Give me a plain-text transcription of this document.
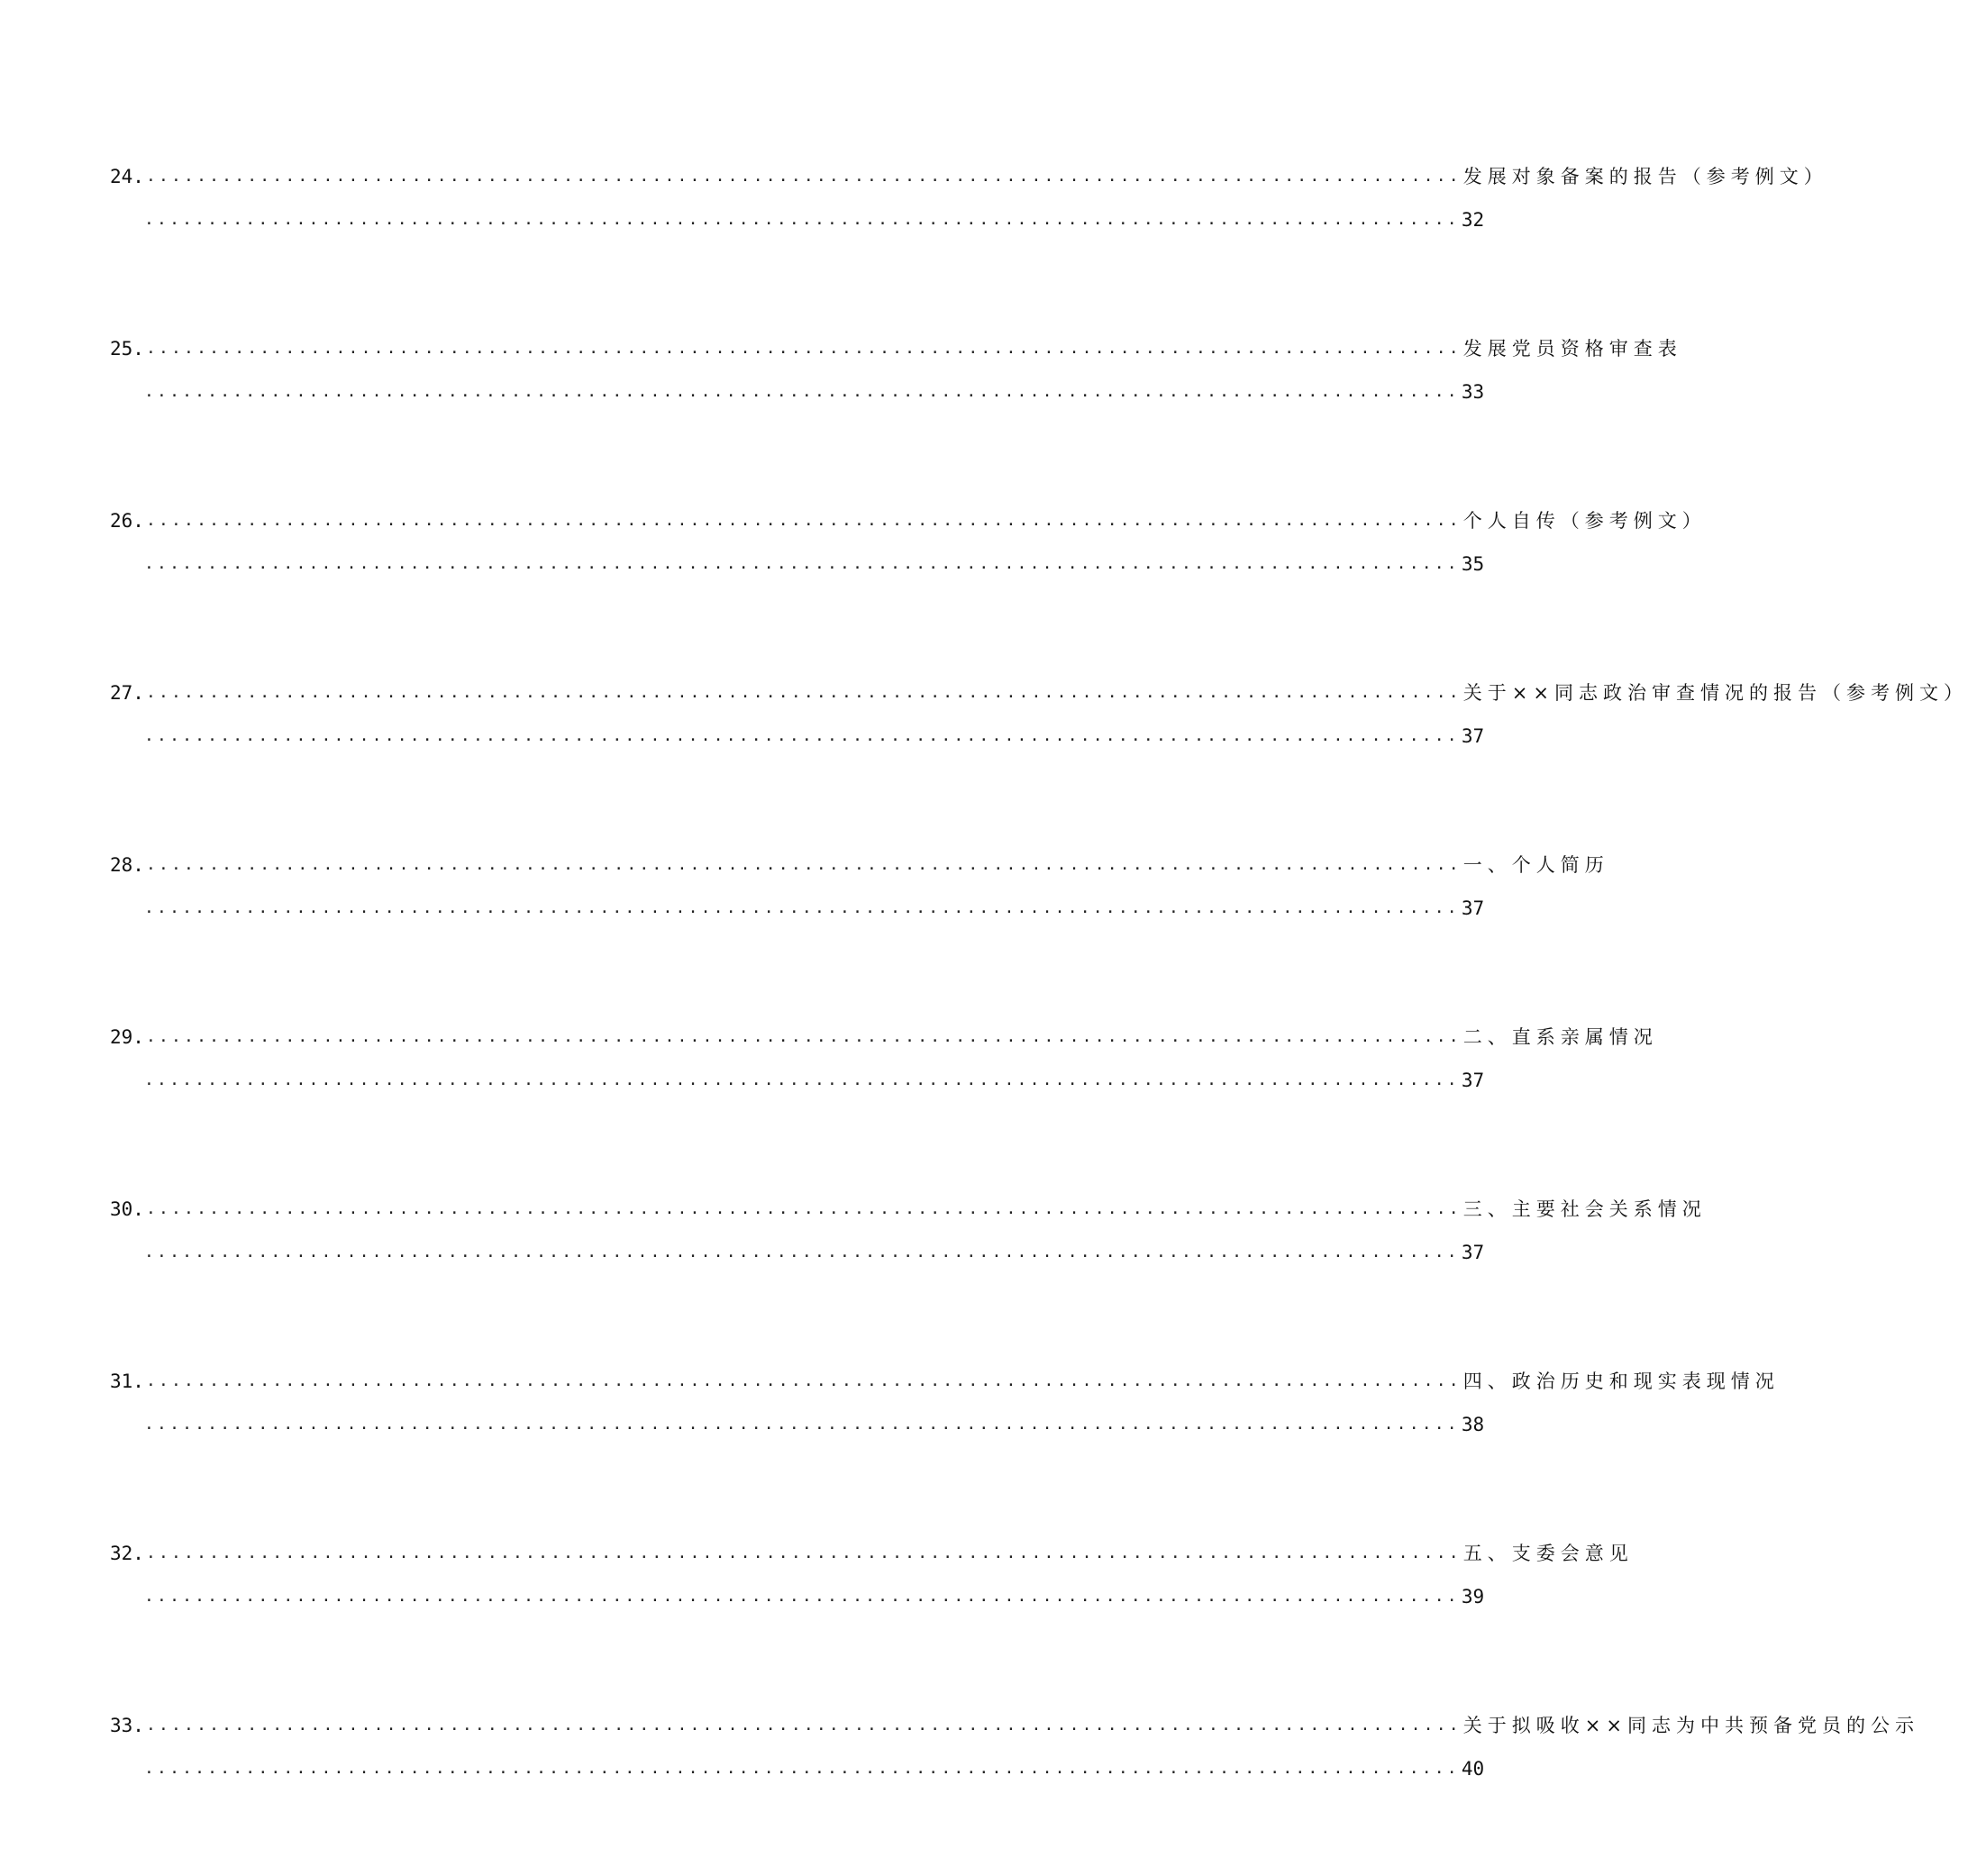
24. ........................................................................................................ 发展对象备案的报告（参考例文）
........................................................................................................ 32
25. ........................................................................................................ 发展党员资格审查表
........................................................................................................ 33
26. ........................................................................................................ 个人自传（参考例文）
........................................................................................................ 35
27. ........................................................................................................ 关于××同志政治审查情况的报告（参考例文）
........................................................................................................ 37
28. ........................................................................................................ 一、个人简历
........................................................................................................ 37
29. ........................................................................................................ 二、直系亲属情况
........................................................................................................ 37
30. ........................................................................................................ 三、主要社会关系情况
........................................................................................................ 37
31. ........................................................................................................ 四、政治历史和现实表现情况
........................................................................................................ 38
32. ........................................................................................................ 五、支委会意见
........................................................................................................ 39
33. ........................................................................................................ 关于拟吸收××同志为中共预备党员的公示
........................................................................................................ 40
